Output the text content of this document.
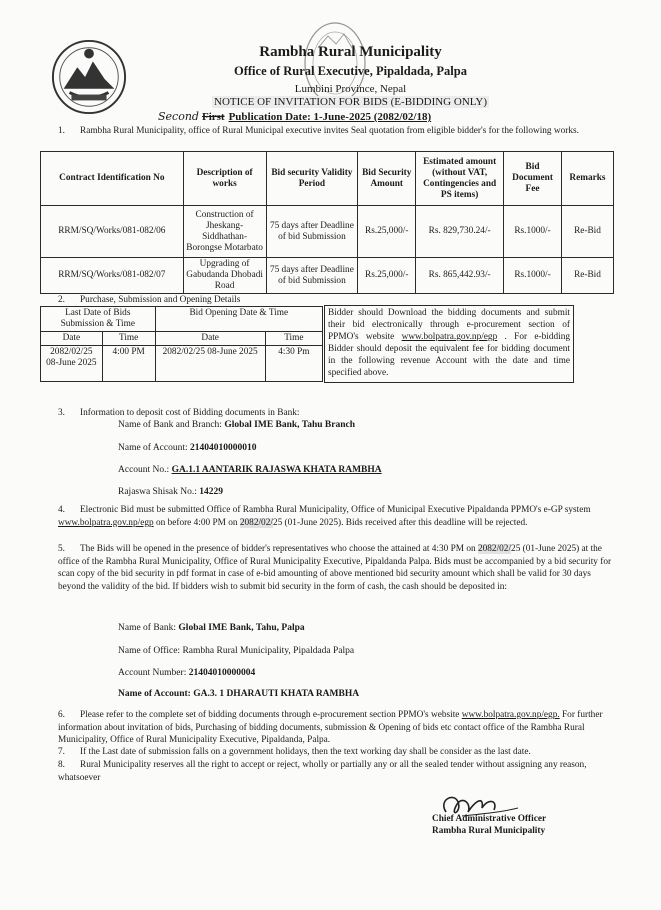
Rambha Rural Municipality
Office of Rural Executive, Pipaldada, Palpa
Lumbini Province, Nepal
NOTICE OF INVITATION FOR BIDS (E-BIDDING ONLY)
Second First Publication Date: 1-June-2025 (2082/02/18)
1. Rambha Rural Municipality, office of Rural Municipal executive invites Seal quotation from eligible bidder's for the following works.
Contract Identification No	Description of works	Bid security Validity Period	Bid Security Amount	Estimated amount (without VAT, Contingencies and PS items)	Bid Document Fee	Remarks
RRM/SQ/Works/081-082/06	Construction of Jheskang-Siddhathan-Borongse Motarbato	75 days after Deadline of bid Submission	Rs.25,000/-	Rs. 829,730.24/-	Rs.1000/-	Re-Bid
RRM/SQ/Works/081-082/07	Upgrading of Gabudanda Dhobadi Road	75 days after Deadline of bid Submission	Rs.25,000/-	Rs. 865,442.93/-	Rs.1000/-	Re-Bid
2. Purchase, Submission and Opening Details
Last Date of Bids Submission & Time		Bid Opening Date & Time	
Date	Time	Date	Time
2082/02/25 08-June 2025	4:00 PM	2082/02/25 08-June 2025	4:30 Pm
Bidder should Download the bidding documents and submit their bid electronically through e-procurement section of PPMO's website www.bolpatra.gov.np/egp . For e-bidding Bidder should deposit the equivalent fee for bidding document in the following revenue Account with the date and time specified above.
3. Information to deposit cost of Bidding documents in Bank:
Name of Bank and Branch: Global IME Bank, Tahu Branch
Name of Account: 21404010000010
Account No.: GA.1.1 AANTARIK RAJASWA KHATA RAMBHA
Rajaswa Shisak No.: 14229
4. Electronic Bid must be submitted Office of Rambha Rural Municipality, Office of Municipal Executive Pipaldanda PPMO's e-GP system www.bolpatra.gov.np/egp on before 4:00 PM on 2082/02/25 (01-June 2025). Bids received after this deadline will be rejected.
5. The Bids will be opened in the presence of bidder's representatives who choose the attained at 4:30 PM on 2082/02/25 (01-June 2025) at the office of the Rambha Rural Municipality, Office of Rural Municipality Executive, Pipaldanda Palpa. Bids must be accompanied by a bid security for scan copy of the bid security in pdf format in case of e-bid amounting of above mentioned bid security amount which shall be valid for 30 days beyond the validity of the bid. If bidders wish to submit bid security in the form of cash, the cash should be deposited in:
Name of Bank: Global IME Bank, Tahu, Palpa
Name of Office: Rambha Rural Municipality, Pipaldada Palpa
Account Number: 21404010000004
Name of Account: GA.3. 1 DHARAUTI KHATA RAMBHA
6. Please refer to the complete set of bidding documents through e-procurement section PPMO's website www.bolpatra.gov.np/egp. For further information about invitation of bids, Purchasing of bidding documents, submission & Opening of bids etc contact office of the Rambha Rural Municipality, Office of Rural Municipality Executive, Pipaldanda, Palpa.
7. If the Last date of submission falls on a government holidays, then the text working day shall be consider as the last date.
8. Rural Municipality reserves all the right to accept or reject, wholly or partially any or all the sealed tender without assigning any reason, whatsoever
Chief Administrative Officer
Rambha Rural Municipality
